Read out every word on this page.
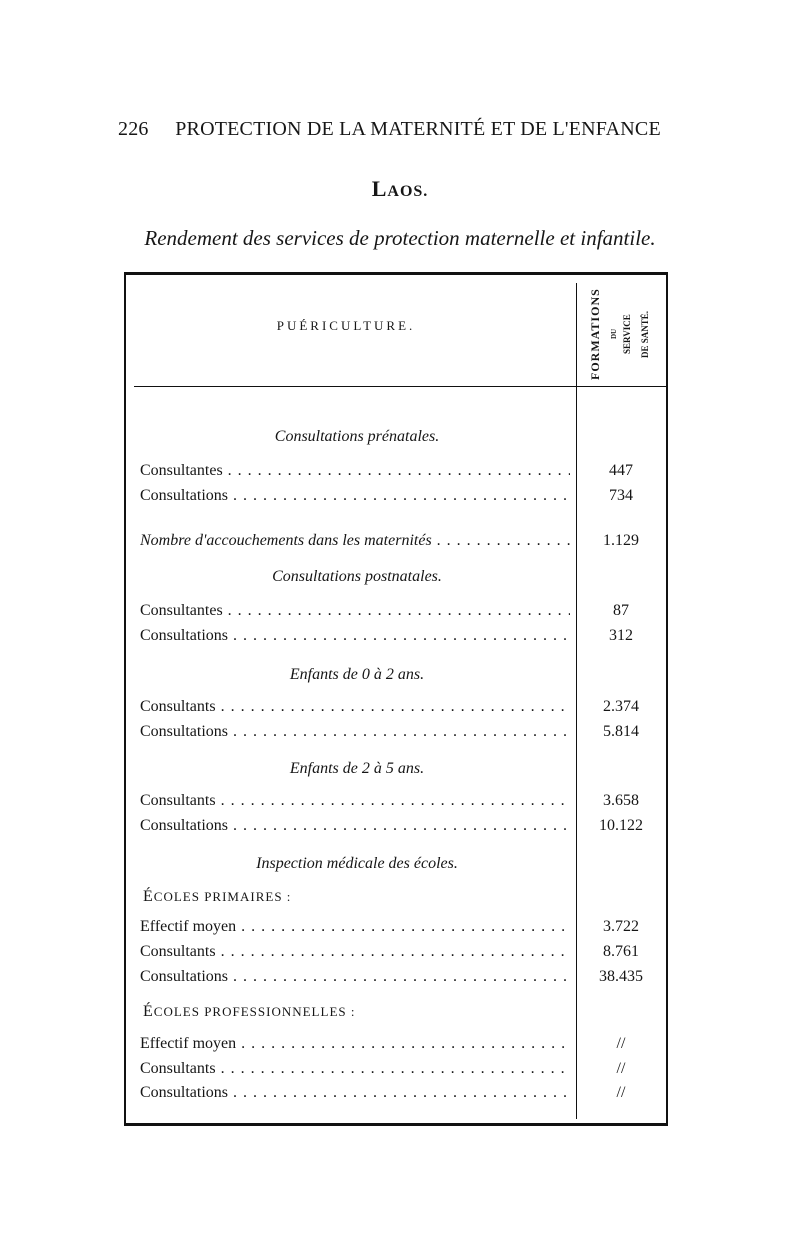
226 PROTECTION DE LA MATERNITÉ ET DE L'ENFANCE
LAOS.
Rendement des services de protection maternelle et infantile.
PUÉRICULTURE.	FORMATIONS	DU SERVICE DE SANTÉ.
Consultations prénatales.
Consultantes . . .	447
Consultations . . .	734
Nombre d'accouchements dans les maternités . . .	1.129
Consultations postnatales.
Consultantes . . .	87
Consultations . . .	312
Enfants de 0 à 2 ans.
Consultants . . .	2.374
Consultations . . .	5.814
Enfants de 2 à 5 ans.
Consultants . . .	3.658
Consultations . . .	10.122
Inspection médicale des écoles.
ÉCOLES PRIMAIRES :
Effectif moyen . . .	3.722
Consultants . . .	8.761
Consultations . . .	38.435
ÉCOLES PROFESSIONNELLES :
Effectif moyen . . .	//
Consultants . . .	//
Consultations . . .	//
